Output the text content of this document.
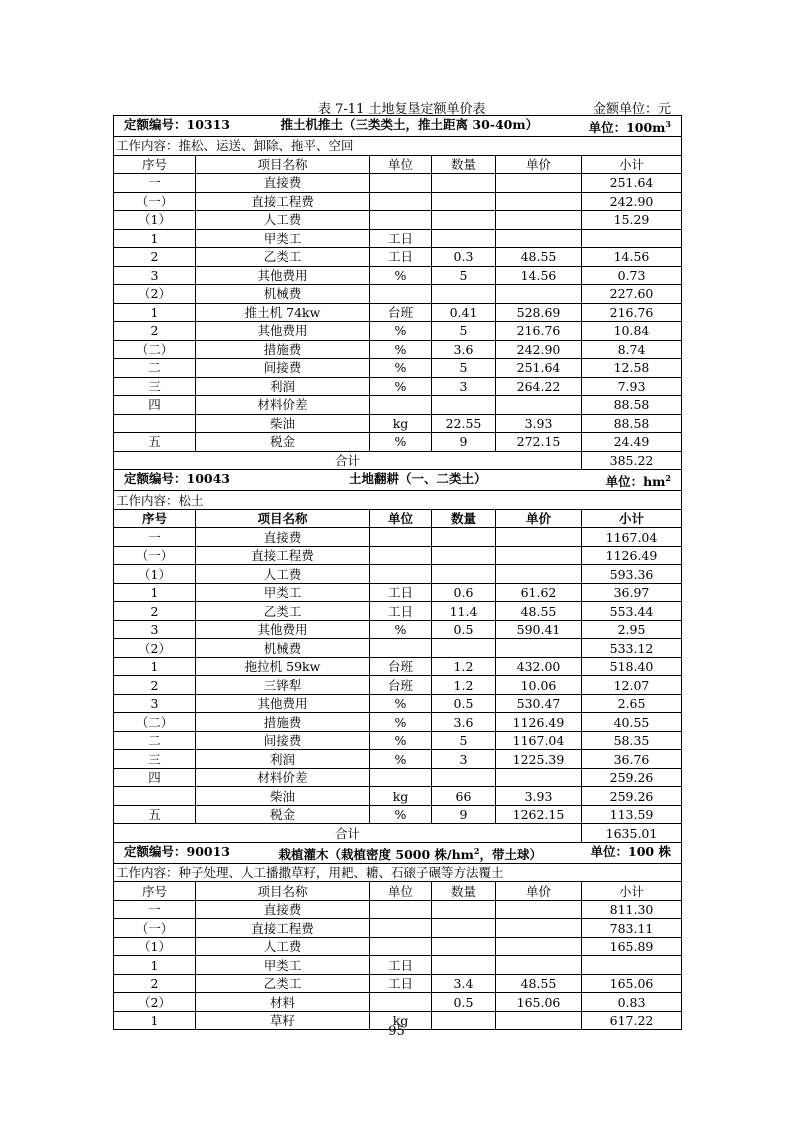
表 7-11 土地复垦定额单价表	金额单位：元
定额编号：10313 推土机推土（三类类土，推土距离 30-40m） 单位：$100m^3$

工作内容：推松、运送、卸除、拖平、空回					
序号	项目名称	单位	数量	单价	小计
一	直接费				251.64
（一）	直接工程费				242.90
（1）	人工费				15.29
1	甲类工	工日			
2	乙类工	工日	0.3	48.55	14.56
3	其他费用	%	5	14.56	0.73
（2）	机械费				227.60
1	推土机 74kw	台班	0.41	528.69	216.76
2	其他费用	%	5	216.76	10.84
（二）	措施费	%	3.6	242.90	8.74
二	间接费	%	5	251.64	12.58
三	利润	%	3	264.22	7.93
四	材料价差				88.58
	柴油	kg	22.55	3.93	88.58
五	税金	%	9	272.15	24.49
合计					385.22

定额编号：10043 土地翻耕（一、二类土） 单位：$hm^2$

工作内容：松土					
序号	项目名称	单位	数量	单价	小计
一	直接费				1167.04
（一）	直接工程费				1126.49
（1）	人工费				593.36
1	甲类工	工日	0.6	61.62	36.97
2	乙类工	工日	11.4	48.55	553.44
3	其他费用	%	0.5	590.41	2.95
（2）	机械费				533.12
1	拖拉机 59kw	台班	1.2	432.00	518.40
2	三铧犁	台班	1.2	10.06	12.07
3	其他费用	%	0.5	530.47	2.65
（二）	措施费	%	3.6	1126.49	40.55
二	间接费	%	5	1167.04	58.35
三	利润	%	3	1225.39	36.76
四	材料价差				259.26
	柴油	kg	66	3.93	259.26
五	税金	%	9	1262.15	113.59
合计					1635.01

定额编号：90013 栽植灌木（栽植密度 5000 株$/hm^2$，带土球） 单位：100 株					

工作内容：种子处理、人工播撒草籽，用耙、耱、石磙子碾等方法覆土					
序号	项目名称	单位	数量	单价	小计
一	直接费				811.30
（一）	直接工程费				783.11
（1）	人工费				165.89
1	甲类工	工日			
2	乙类工	工日	3.4	48.55	165.06
（2）	材料		0.5	165.06	0.83
1	草籽	kg			617.22
95
